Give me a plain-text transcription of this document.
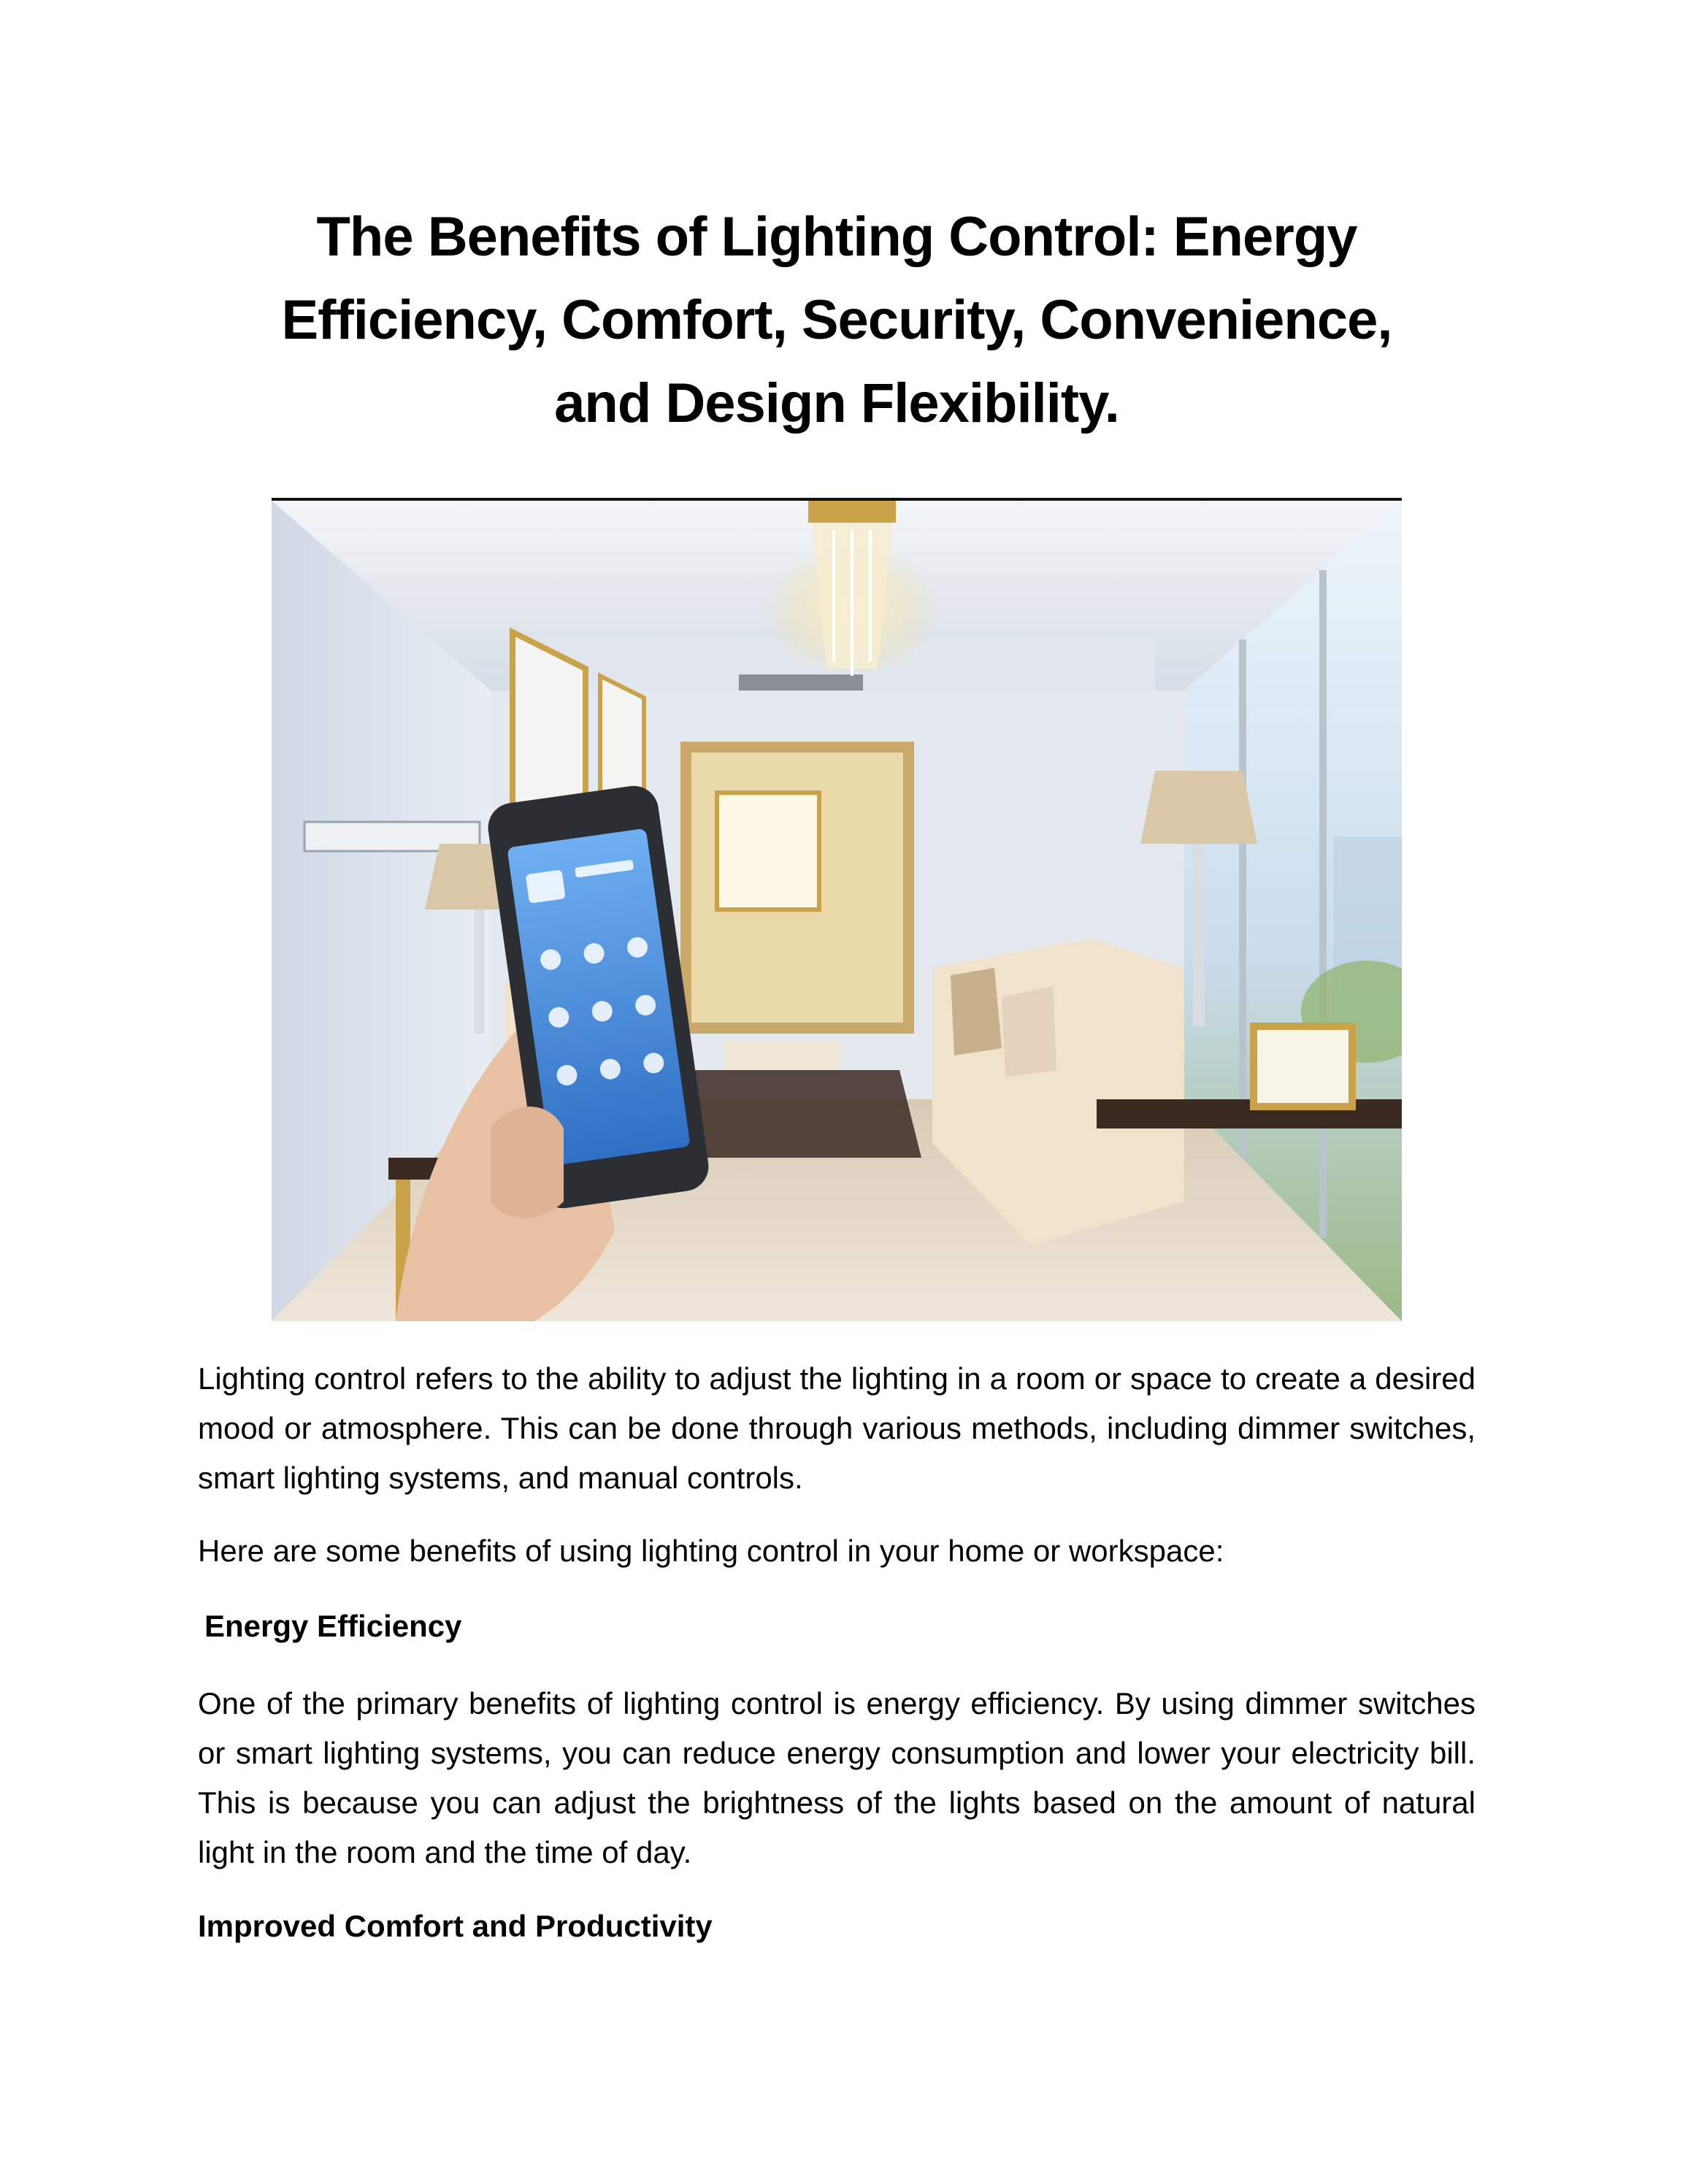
The Benefits of Lighting Control: Energy
Efficiency, Comfort, Security, Convenience,
and Design Flexibility.

Lighting control refers to the ability to adjust the lighting in a room or space to create a desired mood or atmosphere. This can be done through various methods, including dimmer switches, smart lighting systems, and manual controls.

Here are some benefits of using lighting control in your home or workspace:

Energy Efficiency

One of the primary benefits of lighting control is energy efficiency. By using dimmer switches or smart lighting systems, you can reduce energy consumption and lower your electricity bill. This is because you can adjust the brightness of the lights based on the amount of natural light in the room and the time of day.

Improved Comfort and Productivity
